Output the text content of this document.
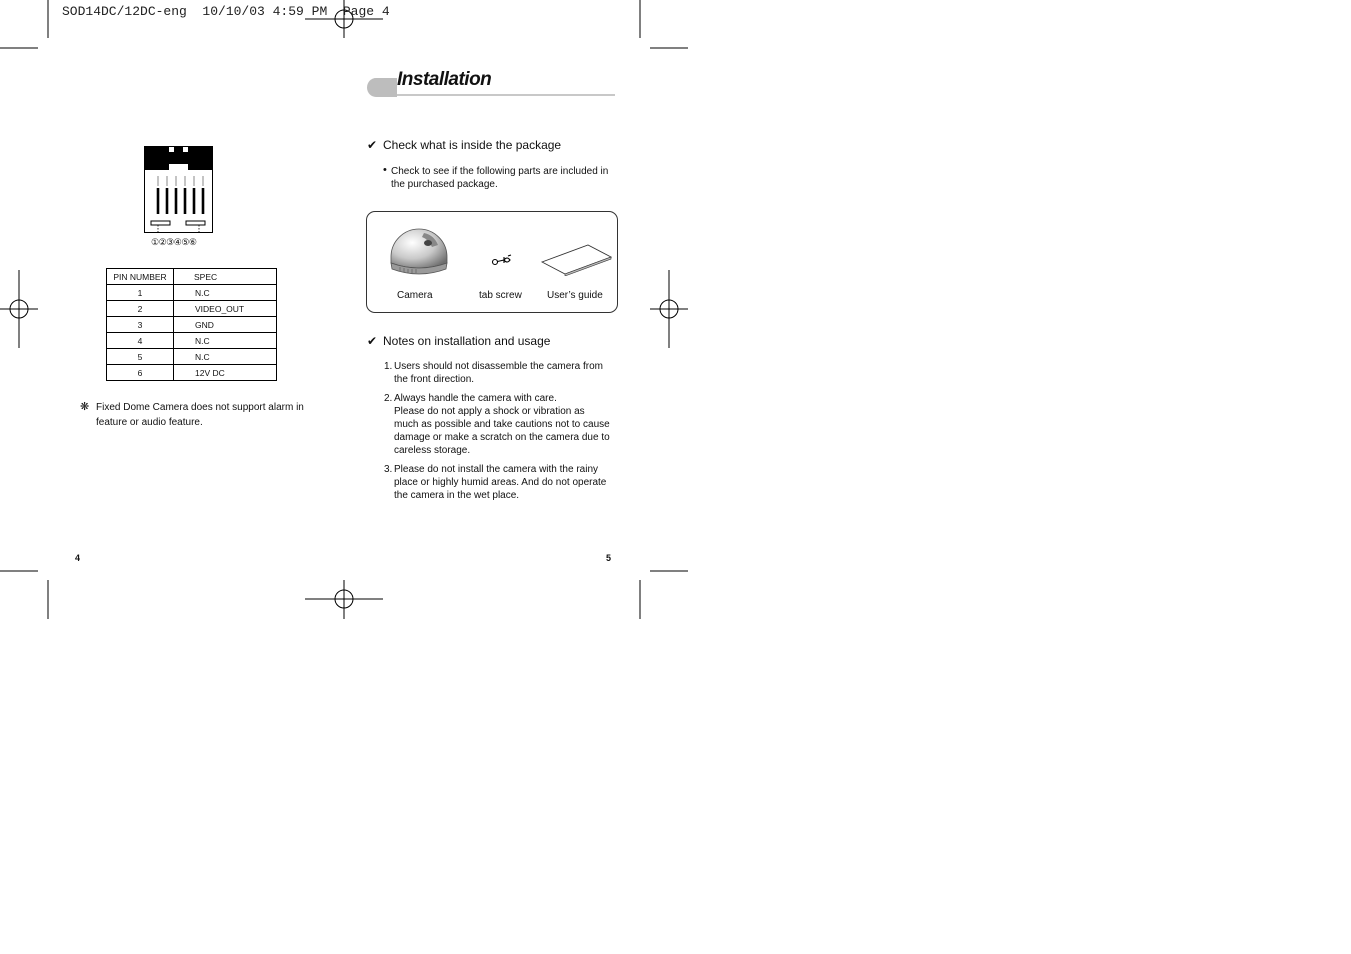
SOD14DC/12DC-eng  10/10/03 4:59 PM  Page 4
①②③④⑤⑥
PIN NUMBER	SPEC
1	N.C
2	VIDEO_OUT
3	GND
4	N.C
5	N.C
6	12V DC
❋ Fixed Dome Camera does not support alarm in feature or audio feature.
4
Installation
✔ Check what is inside the package
• Check to see if the following parts are included in the purchased package.
Camera	tab screw	User’s guide
✔ Notes on installation and usage
1. Users should not disassemble the camera from
the front direction.
2. Always handle the camera with care.
Please do not apply a shock or vibration as
much as possible and take cautions not to cause
damage or make a scratch on the camera due to
careless storage.
3. Please do not install the camera with the rainy
place or highly humid areas. And do not operate
the camera in the wet place.
5
